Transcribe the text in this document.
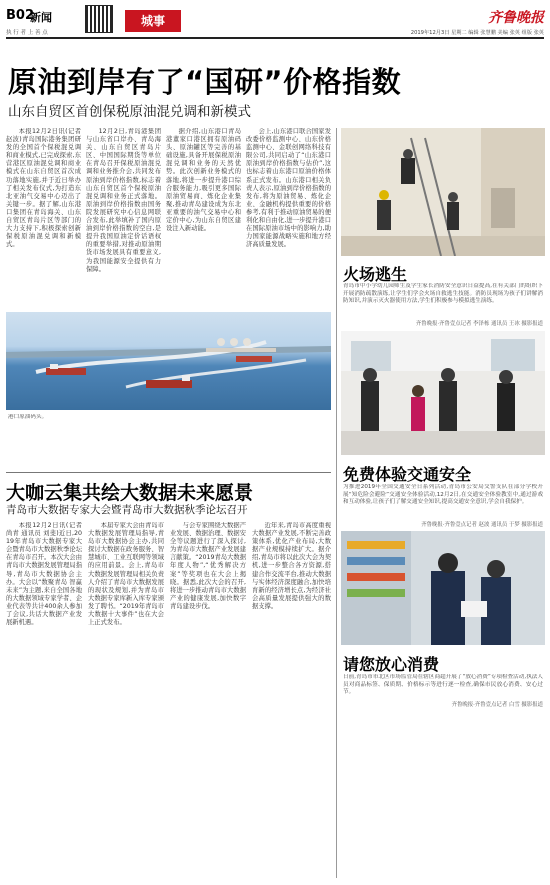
B02
新闻
执 行 者 上 善 点
城事	齐鲁晚报
2019年12月3日 星期二 编辑 张慧鹏 美编 张英 组版 张英
原油到岸有了“国研”价格指数
山东自贸区首创保税原油混兑调和新模式

本报12月2日讯(记者 赵波)青岛国际港务集团研发的全国首个保税混兑调和商业模式,已完成探索,东营港区原油混兑调和商业模式在山东自贸区首次成功落地实施,并于近日举办了相关发布仪式,为打造东北亚油气交易中心迈出了关键一步。据了解,山东港口集团在青岛海关、山东自贸区青岛片区等部门的大力支持下,积极探索创新保税原油混兑调和新模式。

12月2日,青岛港集团与山东省口岸办、青岛海关、山东自贸区青岛片区、中国国际期货等单位在青岛召开保税原油混兑调和业务推介会,共同发布原油到岸价格指数,标志着山东自贸区首个保税原油混兑调和业务正式落地。原油到岸价格指数由国务院发展研究中心信息网联合发布,此举填补了国内原油到岸价格指数的空白,是提升我国原油定价话语权的重要举措,对推动原油期货市场发展具有重要意义,为我国能源安全提供有力保障。

据介绍,山东港口青岛港董家口港区拥有原油码头、原油罐区等完善的基础设施,具备开展保税原油混兑调和业务的天然优势。此次创新业务模式的落地,将进一步提升港口综合服务能力,吸引更多国际原油贸易商、炼化企业集聚,推动青岛建设成为东北亚重要的油气交易中心和定价中心,为山东自贸区建设注入新动能。

会上,山东港口联合国家发改委价格监测中心、山东价格监测中心、金联创网络科技有限公司,共同启动了“山东港口原油到岸价格指数与估价”,这也标志着山东港口原油价格体系正式发布。山东港口相关负责人表示,原油到岸价格指数的发布,将为原油贸易、炼化企业、金融机构提供重要的价格参考,有利于推动原油贸易的便利化和自由化,进一步提升港口在国际原油市场中的影响力,助力国家能源战略实施和地方经济高质量发展。

港口原油码头。
火场逃生
青岛市中小学幼儿园师生及学生家长消防安全意识日益提高,在有关部门的组织下开展消防疏散演练,让学生们学会火场自救逃生技能。消防员现场为孩子们讲解消防知识,并演示灭火器使用方法,学生们积极参与模拟逃生演练。
齐鲁晚报·齐鲁壹点记者 李泽栋 通讯员 王冰 摄影报道
免费体验交通安全
为推进2019年全国交通安全日系列活动,青岛市公安局交警支队在部分学校开展“知危险会避险”交通安全体验活动,12月2日,在交通安全体验教室中,通过游戏和互动体验,让孩子们了解交通安全知识,提高交通安全意识,学会自我保护。
齐鲁晚报·齐鲁壹点记者 赵波 通讯员 于梦 摄影报道
请您放心消费
日前,青岛市市北区市场监管局在辖区商超开展了“放心消费”专项检查活动,执法人员对商品标签、保质期、价格标示等进行逐一检查,确保市民放心消费、安心过节。
齐鲁晚报·齐鲁壹点记者 白雪 摄影报道
大咖云集共绘大数据未来愿景
青岛市大数据专家大会暨青岛市大数据秋季论坛召开

本报12月2日讯(记者 尚青 通讯员 刘斐)近日,2019年青岛市大数据专家大会暨青岛市大数据秋季论坛在青岛市召开。本次大会由青岛市大数据发展管理局指导,青岛市大数据协会主办。大会以“数聚青岛 智赢未来”为主题,来自全国各地的大数据领域专家学者、企业代表等共计400余人参加了会议,共话大数据产业发展新机遇。

本届专家大会由青岛市大数据发展管理局指导,青岛市大数据协会主办,共同探讨大数据在政务服务、智慧城市、工业互联网等领域的应用前景。会上,青岛市大数据发展管理局相关负责人介绍了青岛市大数据发展的现状及规划,并为青岛市大数据专家库新入库专家颁发了聘书。“2019年青岛市大数据十大事件”也在大会上正式发布。

与会专家围绕大数据产业发展、数据治理、数据安全等议题进行了深入探讨,为青岛市大数据产业发展建言献策。“2019青岛大数据年度人物”,“优秀解决方案”等奖项也在大会上揭晓。据悉,此次大会的召开,将进一步推动青岛市大数据产业的健康发展,加快数字青岛建设步伐。

近年来,青岛市高度重视大数据产业发展,不断完善政策体系,优化产业布局,大数据产业规模持续扩大。据介绍,青岛市将以此次大会为契机,进一步整合各方资源,搭建合作交流平台,推动大数据与实体经济深度融合,加快培育新的经济增长点,为经济社会高质量发展提供强大的数据支撑。
